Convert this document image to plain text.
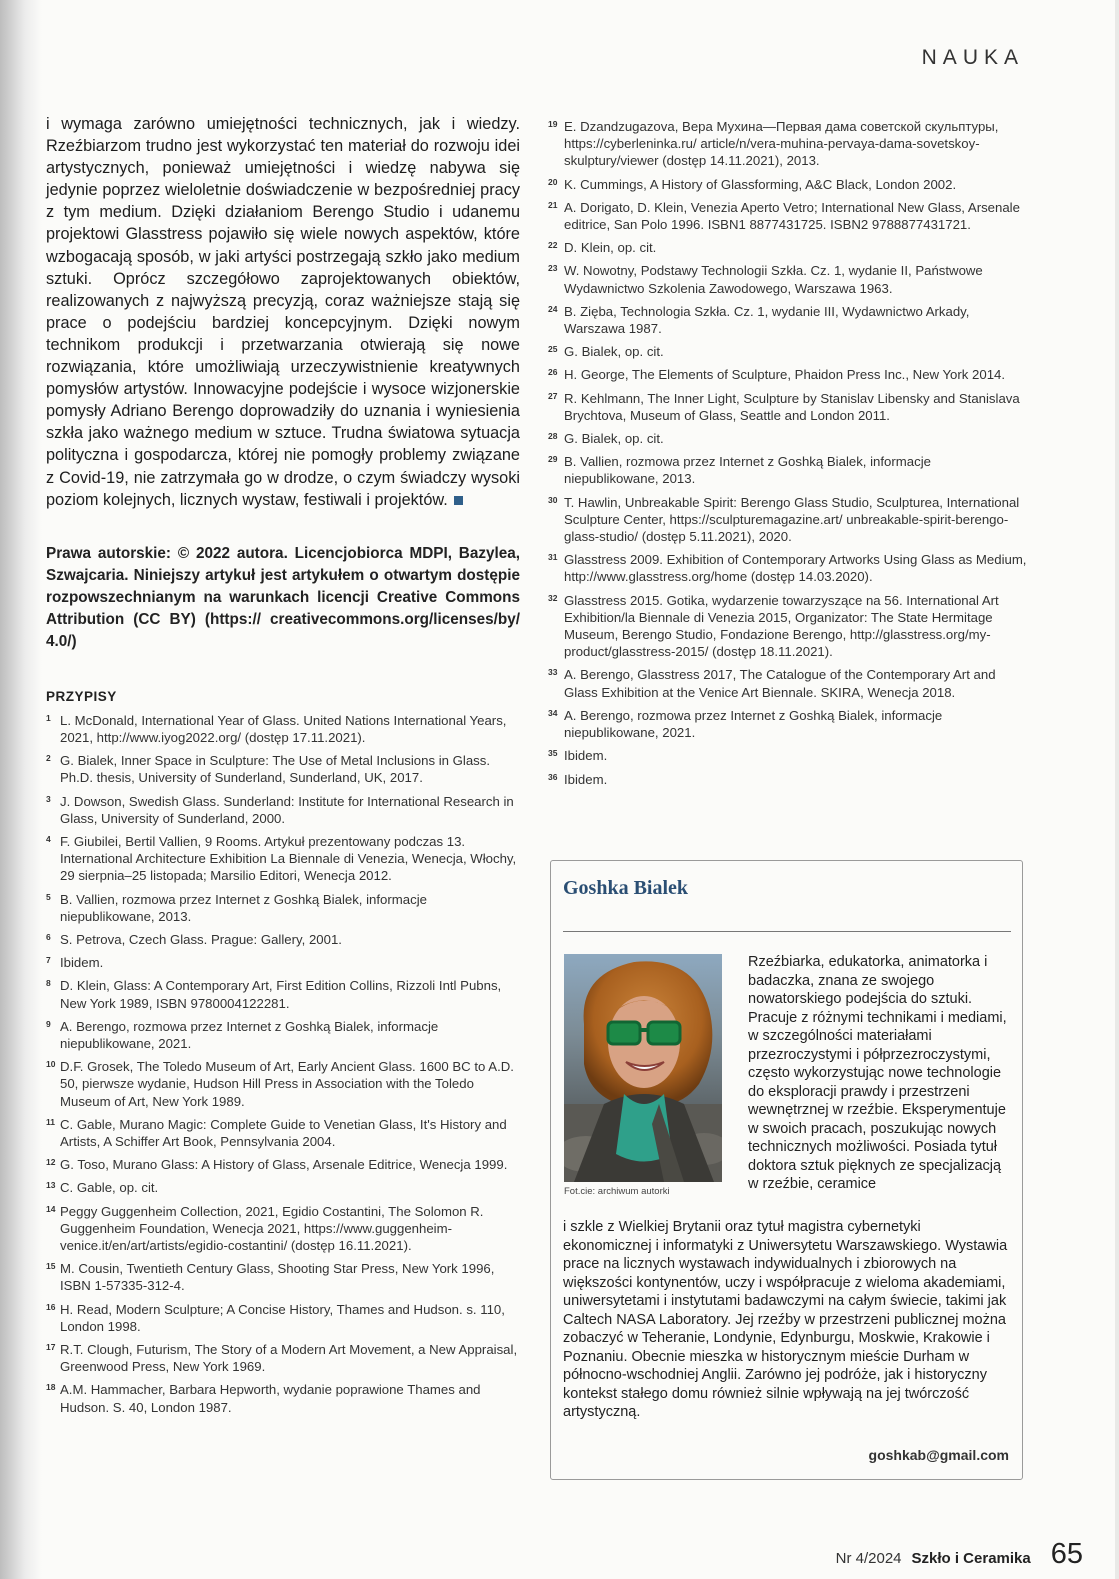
NAUKA

i wymaga zarówno umiejętności technicznych, jak i wiedzy. Rzeźbiarzom trudno jest wykorzystać ten materiał do rozwoju idei artystycznych, ponieważ umiejętności i wiedzę nabywa się jedynie poprzez wieloletnie doświadczenie w bezpośredniej pracy z tym medium. Dzięki działaniom Berengo Studio i udanemu projektowi Glasstress pojawiło się wiele nowych aspektów, które wzbogacają sposób, w jaki artyści postrzegają szkło jako medium sztuki. Oprócz szczegółowo zaprojektowanych obiektów, realizowanych z najwyższą precyzją, coraz ważniejsze stają się prace o podejściu bardziej koncepcyjnym. Dzięki nowym technikom produkcji i przetwarzania otwierają się nowe rozwiązania, które umożliwiają urzeczywistnienie kreatywnych pomysłów artystów. Innowacyjne podejście i wysoce wizjonerskie pomysły Adriano Berengo doprowadziły do uznania i wyniesienia szkła jako ważnego medium w sztuce. Trudna światowa sytuacja polityczna i gospodarcza, której nie pomogły problemy związane z Covid-19, nie zatrzymała go w drodze, o czym świadczy wysoki poziom kolejnych, licznych wystaw, festiwali i projektów.

Prawa autorskie: © 2022 autora. Licencjobiorca MDPI, Bazylea, Szwajcaria. Niniejszy artykuł jest artykułem o otwartym dostępie rozpowszechnianym na warunkach licencji Creative Commons Attribution (CC BY) (https:// creativecommons.org/licenses/by/ 4.0/)

PRZYPISY
1 L. McDonald, International Year of Glass. United Nations International Years, 2021, http://www.iyog2022.org/ (dostęp 17.11.2021).
2 G. Bialek, Inner Space in Sculpture: The Use of Metal Inclusions in Glass. Ph.D. thesis, University of Sunderland, Sunderland, UK, 2017.
3 J. Dowson, Swedish Glass. Sunderland: Institute for International Research in Glass, University of Sunderland, 2000.
4 F. Giubilei, Bertil Vallien, 9 Rooms. Artykuł prezentowany podczas 13. International Architecture Exhibition La Biennale di Venezia, Wenecja, Włochy, 29 sierpnia–25 listopada; Marsilio Editori, Wenecja 2012.
5 B. Vallien, rozmowa przez Internet z Goshką Bialek, informacje niepublikowane, 2013.
6 S. Petrova, Czech Glass. Prague: Gallery, 2001.
7 Ibidem.
8 D. Klein, Glass: A Contemporary Art, First Edition Collins, Rizzoli Intl Pubns, New York 1989, ISBN 9780004122281.
9 A. Berengo, rozmowa przez Internet z Goshką Bialek, informacje niepublikowane, 2021.
10 D.F. Grosek, The Toledo Museum of Art, Early Ancient Glass. 1600 BC to A.D. 50, pierwsze wydanie, Hudson Hill Press in Association with the Toledo Museum of Art, New York 1989.
11 C. Gable, Murano Magic: Complete Guide to Venetian Glass, It's History and Artists, A Schiffer Art Book, Pennsylvania 2004.
12 G. Toso, Murano Glass: A History of Glass, Arsenale Editrice, Wenecja 1999.
13 C. Gable, op. cit.
14 Peggy Guggenheim Collection, 2021, Egidio Costantini, The Solomon R. Guggenheim Foundation, Wenecja 2021, https://www.guggenheim-venice.it/en/art/artists/egidio-costantini/ (dostęp 16.11.2021).
15 M. Cousin, Twentieth Century Glass, Shooting Star Press, New York 1996, ISBN 1-57335-312-4.
16 H. Read, Modern Sculpture; A Concise History, Thames and Hudson. s. 110, London 1998.
17 R.T. Clough, Futurism, The Story of a Modern Art Movement, a New Appraisal, Greenwood Press, New York 1969.
18 A.M. Hammacher, Barbara Hepworth, wydanie poprawione Thames and Hudson. S. 40, London 1987.
19 E. Dzandzugazova, Вера Мухина—Первая дама советской скульптуры, https://cyberleninka.ru/ article/n/vera-muhina-pervaya-dama-sovetskoy-skulptury/viewer (dostęp 14.11.2021), 2013.
20 K. Cummings, A History of Glassforming, A&C Black, London 2002.
21 A. Dorigato, D. Klein, Venezia Aperto Vetro; International New Glass, Arsenale editrice, San Polo 1996. ISBN1 8877431725. ISBN2 9788877431721.
22 D. Klein, op. cit.
23 W. Nowotny, Podstawy Technologii Szkła. Cz. 1, wydanie II, Państwowe Wydawnictwo Szkolenia Zawodowego, Warszawa 1963.
24 B. Zięba, Technologia Szkła. Cz. 1, wydanie III, Wydawnictwo Arkady, Warszawa 1987.
25 G. Bialek, op. cit.
26 H. George, The Elements of Sculpture, Phaidon Press Inc., New York 2014.
27 R. Kehlmann, The Inner Light, Sculpture by Stanislav Libensky and Stanislava Brychtova, Museum of Glass, Seattle and London 2011.
28 G. Bialek, op. cit.
29 B. Vallien, rozmowa przez Internet z Goshką Bialek, informacje niepublikowane, 2013.
30 T. Hawlin, Unbreakable Spirit: Berengo Glass Studio, Sculpturea, International Sculpture Center, https://sculpturemagazine.art/ unbreakable-spirit-berengo-glass-studio/ (dostęp 5.11.2021), 2020.
31 Glasstress 2009. Exhibition of Contemporary Artworks Using Glass as Medium, http://www.glasstress.org/home (dostęp 14.03.2020).
32 Glasstress 2015. Gotika, wydarzenie towarzyszące na 56. International Art Exhibition/la Biennale di Venezia 2015, Organizator: The State Hermitage Museum, Berengo Studio, Fondazione Berengo, http://glasstress.org/my-product/glasstress-2015/ (dostęp 18.11.2021).
33 A. Berengo, Glasstress 2017, The Catalogue of the Contemporary Art and Glass Exhibition at the Venice Art Biennale. SKIRA, Wenecja 2018.
34 A. Berengo, rozmowa przez Internet z Goshką Bialek, informacje niepublikowane, 2021.
35 Ibidem.
36 Ibidem.
Goshka Bialek
Fot.cie: archiwum autorki

Rzeźbiarka, edukatorka, animatorka i badaczka, znana ze swojego nowatorskiego podejścia do sztuki. Pracuje z różnymi technikami i mediami, w szczególności materiałami przezroczystymi i półprzezroczystymi, często wykorzystując nowe technologie do eksploracji prawdy i przestrzeni wewnętrznej w rzeźbie. Eksperymentuje w swoich pracach, poszukując nowych technicznych możliwości. Posiada tytuł doktora sztuk pięknych ze specjalizacją w rzeźbie, ceramice

i szkle z Wielkiej Brytanii oraz tytuł magistra cybernetyki ekonomicznej i informatyki z Uniwersytetu Warszawskiego. Wystawia prace na licznych wystawach indywidualnych i zbiorowych na większości kontynentów, uczy i współpracuje z wieloma akademiami, uniwersytetami i instytutami badawczymi na całym świecie, takimi jak Caltech NASA Laboratory. Jej rzeźby w przestrzeni publicznej można zobaczyć w Teheranie, Londynie, Edynburgu, Moskwie, Krakowie i Poznaniu. Obecnie mieszka w historycznym mieście Durham w północno-wschodniej Anglii. Zarówno jej podróże, jak i historyczny kontekst stałego domu również silnie wpływają na jej twórczość artystyczną.

goshkab@gmail.com
Nr 4/2024 Szkło i Ceramika 65
